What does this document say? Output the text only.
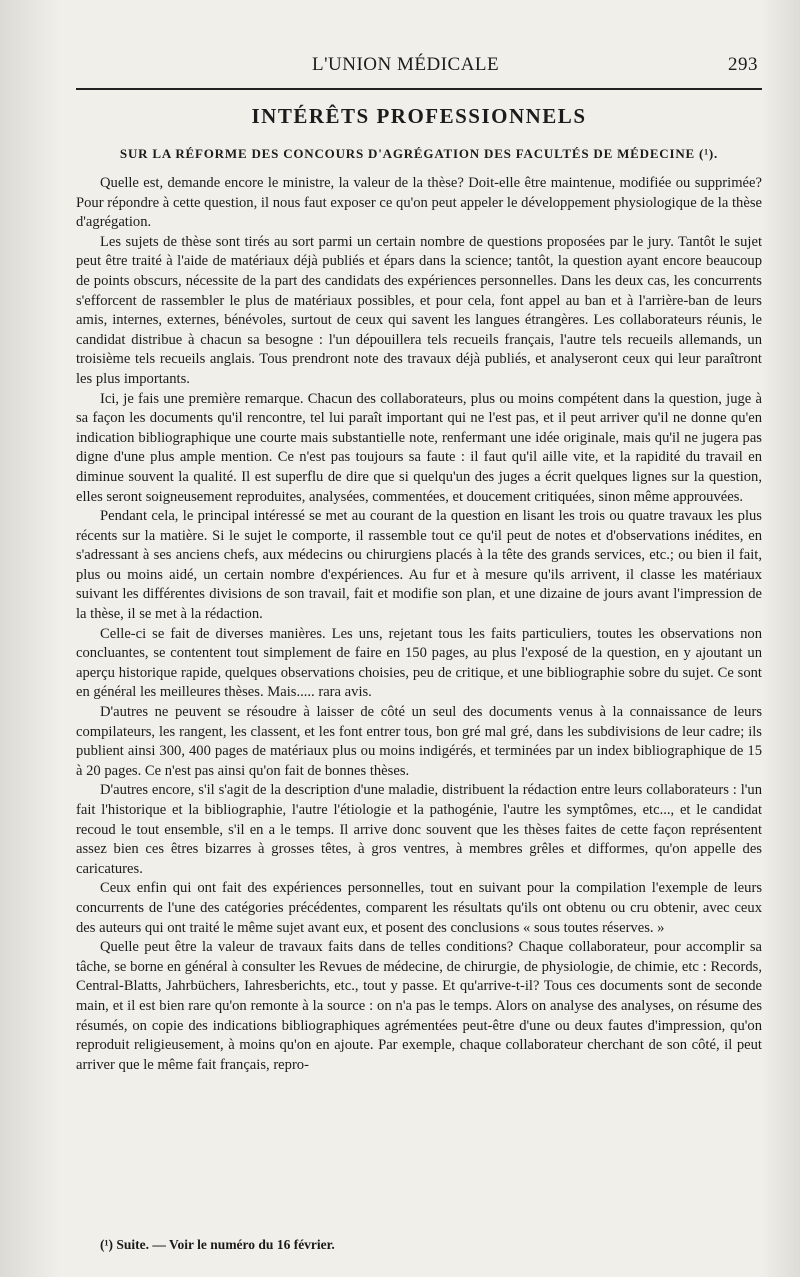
L'UNION MÉDICALE	293
INTÉRÊTS PROFESSIONNELS
SUR LA RÉFORME DES CONCOURS D'AGRÉGATION DES FACULTÉS DE MÉDECINE (¹).

Quelle est, demande encore le ministre, la valeur de la thèse? Doit-elle être maintenue, modifiée ou supprimée? Pour répondre à cette question, il nous faut exposer ce qu'on peut appeler le développement physiologique de la thèse d'agrégation.

Les sujets de thèse sont tirés au sort parmi un certain nombre de questions proposées par le jury. Tantôt le sujet peut être traité à l'aide de matériaux déjà publiés et épars dans la science; tantôt, la question ayant encore beaucoup de points obscurs, nécessite de la part des candidats des expériences personnelles. Dans les deux cas, les concurrents s'efforcent de rassembler le plus de matériaux possibles, et pour cela, font appel au ban et à l'arrière-ban de leurs amis, internes, externes, bénévoles, surtout de ceux qui savent les langues étrangères. Les collaborateurs réunis, le candidat distribue à chacun sa besogne : l'un dépouillera tels recueils français, l'autre tels recueils allemands, un troisième tels recueils anglais. Tous prendront note des travaux déjà publiés, et analyseront ceux qui leur paraîtront les plus importants.

Ici, je fais une première remarque. Chacun des collaborateurs, plus ou moins compétent dans la question, juge à sa façon les documents qu'il rencontre, tel lui paraît important qui ne l'est pas, et il peut arriver qu'il ne donne qu'en indication bibliographique une courte mais substantielle note, renfermant une idée originale, mais qu'il ne jugera pas digne d'une plus ample mention. Ce n'est pas toujours sa faute : il faut qu'il aille vite, et la rapidité du travail en diminue souvent la qualité. Il est superflu de dire que si quelqu'un des juges a écrit quelques lignes sur la question, elles seront soigneusement reproduites, analysées, commentées, et doucement critiquées, sinon même approuvées.

Pendant cela, le principal intéressé se met au courant de la question en lisant les trois ou quatre travaux les plus récents sur la matière. Si le sujet le comporte, il rassemble tout ce qu'il peut de notes et d'observations inédites, en s'adressant à ses anciens chefs, aux médecins ou chirurgiens placés à la tête des grands services, etc.; ou bien il fait, plus ou moins aidé, un certain nombre d'expériences. Au fur et à mesure qu'ils arrivent, il classe les matériaux suivant les différentes divisions de son travail, fait et modifie son plan, et une dizaine de jours avant l'impression de la thèse, il se met à la rédaction.

Celle-ci se fait de diverses manières. Les uns, rejetant tous les faits particuliers, toutes les observations non concluantes, se contentent tout simplement de faire en 150 pages, au plus l'exposé de la question, en y ajoutant un aperçu historique rapide, quelques observations choisies, peu de critique, et une bibliographie sobre du sujet. Ce sont en général les meilleures thèses. Mais..... rara avis.

D'autres ne peuvent se résoudre à laisser de côté un seul des documents venus à la connaissance de leurs compilateurs, les rangent, les classent, et les font entrer tous, bon gré mal gré, dans les subdivisions de leur cadre; ils publient ainsi 300, 400 pages de matériaux plus ou moins indigérés, et terminées par un index bibliographique de 15 à 20 pages. Ce n'est pas ainsi qu'on fait de bonnes thèses.

D'autres encore, s'il s'agit de la description d'une maladie, distribuent la rédaction entre leurs collaborateurs : l'un fait l'historique et la bibliographie, l'autre l'étiologie et la pathogénie, l'autre les symptômes, etc..., et le candidat recoud le tout ensemble, s'il en a le temps. Il arrive donc souvent que les thèses faites de cette façon représentent assez bien ces êtres bizarres à grosses têtes, à gros ventres, à membres grêles et difformes, qu'on appelle des caricatures.

Ceux enfin qui ont fait des expériences personnelles, tout en suivant pour la compilation l'exemple de leurs concurrents de l'une des catégories précédentes, comparent les résultats qu'ils ont obtenu ou cru obtenir, avec ceux des auteurs qui ont traité le même sujet avant eux, et posent des conclusions « sous toutes réserves. »

Quelle peut être la valeur de travaux faits dans de telles conditions? Chaque collaborateur, pour accomplir sa tâche, se borne en général à consulter les Revues de médecine, de chirurgie, de physiologie, de chimie, etc : Records, Central-Blatts, Jahrbüchers, Iahresberichts, etc., tout y passe. Et qu'arrive-t-il? Tous ces documents sont de seconde main, et il est bien rare qu'on remonte à la source : on n'a pas le temps. Alors on analyse des analyses, on résume des résumés, on copie des indications bibliographiques agrémentées peut-être d'une ou deux fautes d'impression, qu'on reproduit religieusement, à moins qu'on en ajoute. Par exemple, chaque collaborateur cherchant de son côté, il peut arriver que le même fait français, repro-

(¹) Suite. — Voir le numéro du 16 février.
